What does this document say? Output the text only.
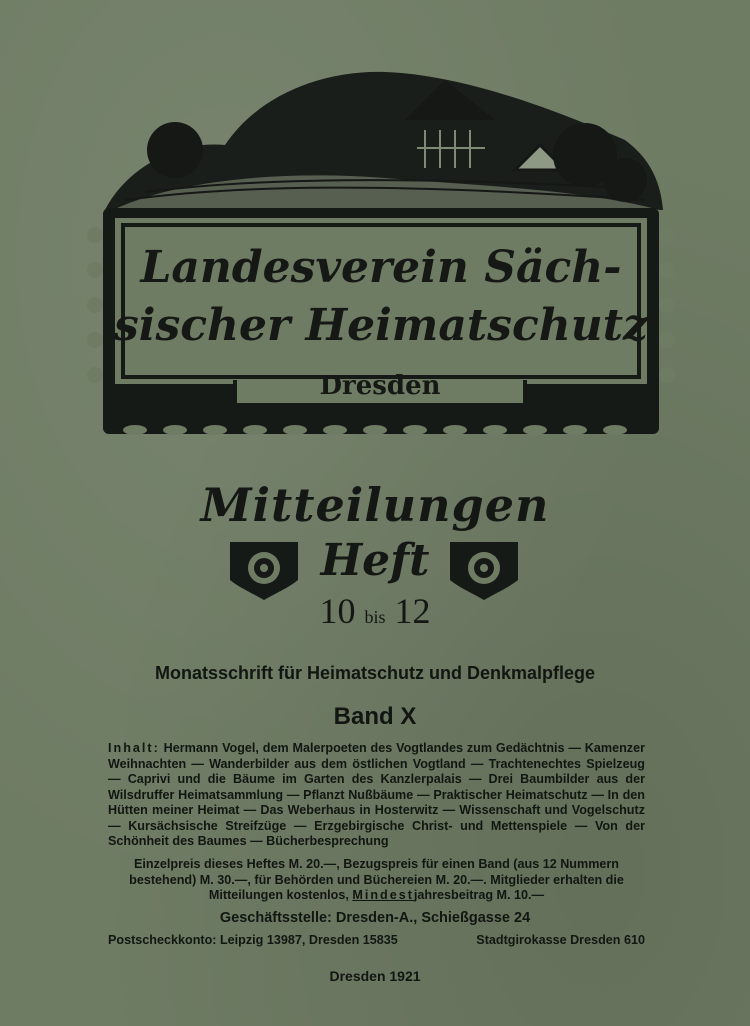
Landesverein Säch-
sischer Heimatschutz
Dresden
Mitteilungen
Heft
10 bis 12
Monatsschrift für Heimatschutz und Denkmalpflege
Band X
Inhalt: Hermann Vogel, dem Malerpoeten des Vogtlandes zum Gedächtnis — Kamenzer Weihnachten — Wanderbilder aus dem östlichen Vogtland — Trachtenechtes Spielzeug — Caprivi und die Bäume im Garten des Kanzlerpalais — Drei Baumbilder aus der Wilsdruffer Heimatsammlung — Pflanzt Nußbäume — Praktischer Heimatschutz — In den Hütten meiner Heimat — Das Weberhaus in Hosterwitz — Wissenschaft und Vogelschutz — Kursächsische Streifzüge — Erzgebirgische Christ- und Mettenspiele — Von der Schönheit des Baumes — Bücherbesprechung
Einzelpreis dieses Heftes M. 20.—, Bezugspreis für einen Band (aus 12 Nummern bestehend) M. 30.—, für Behörden und Büchereien M. 20.—. Mitglieder erhalten die Mitteilungen kostenlos, Mindestjahresbeitrag M. 10.—
Geschäftsstelle: Dresden-A., Schießgasse 24
Postscheckkonto: Leipzig 13987, Dresden 15835	Stadtgirokasse Dresden 610
Dresden 1921
